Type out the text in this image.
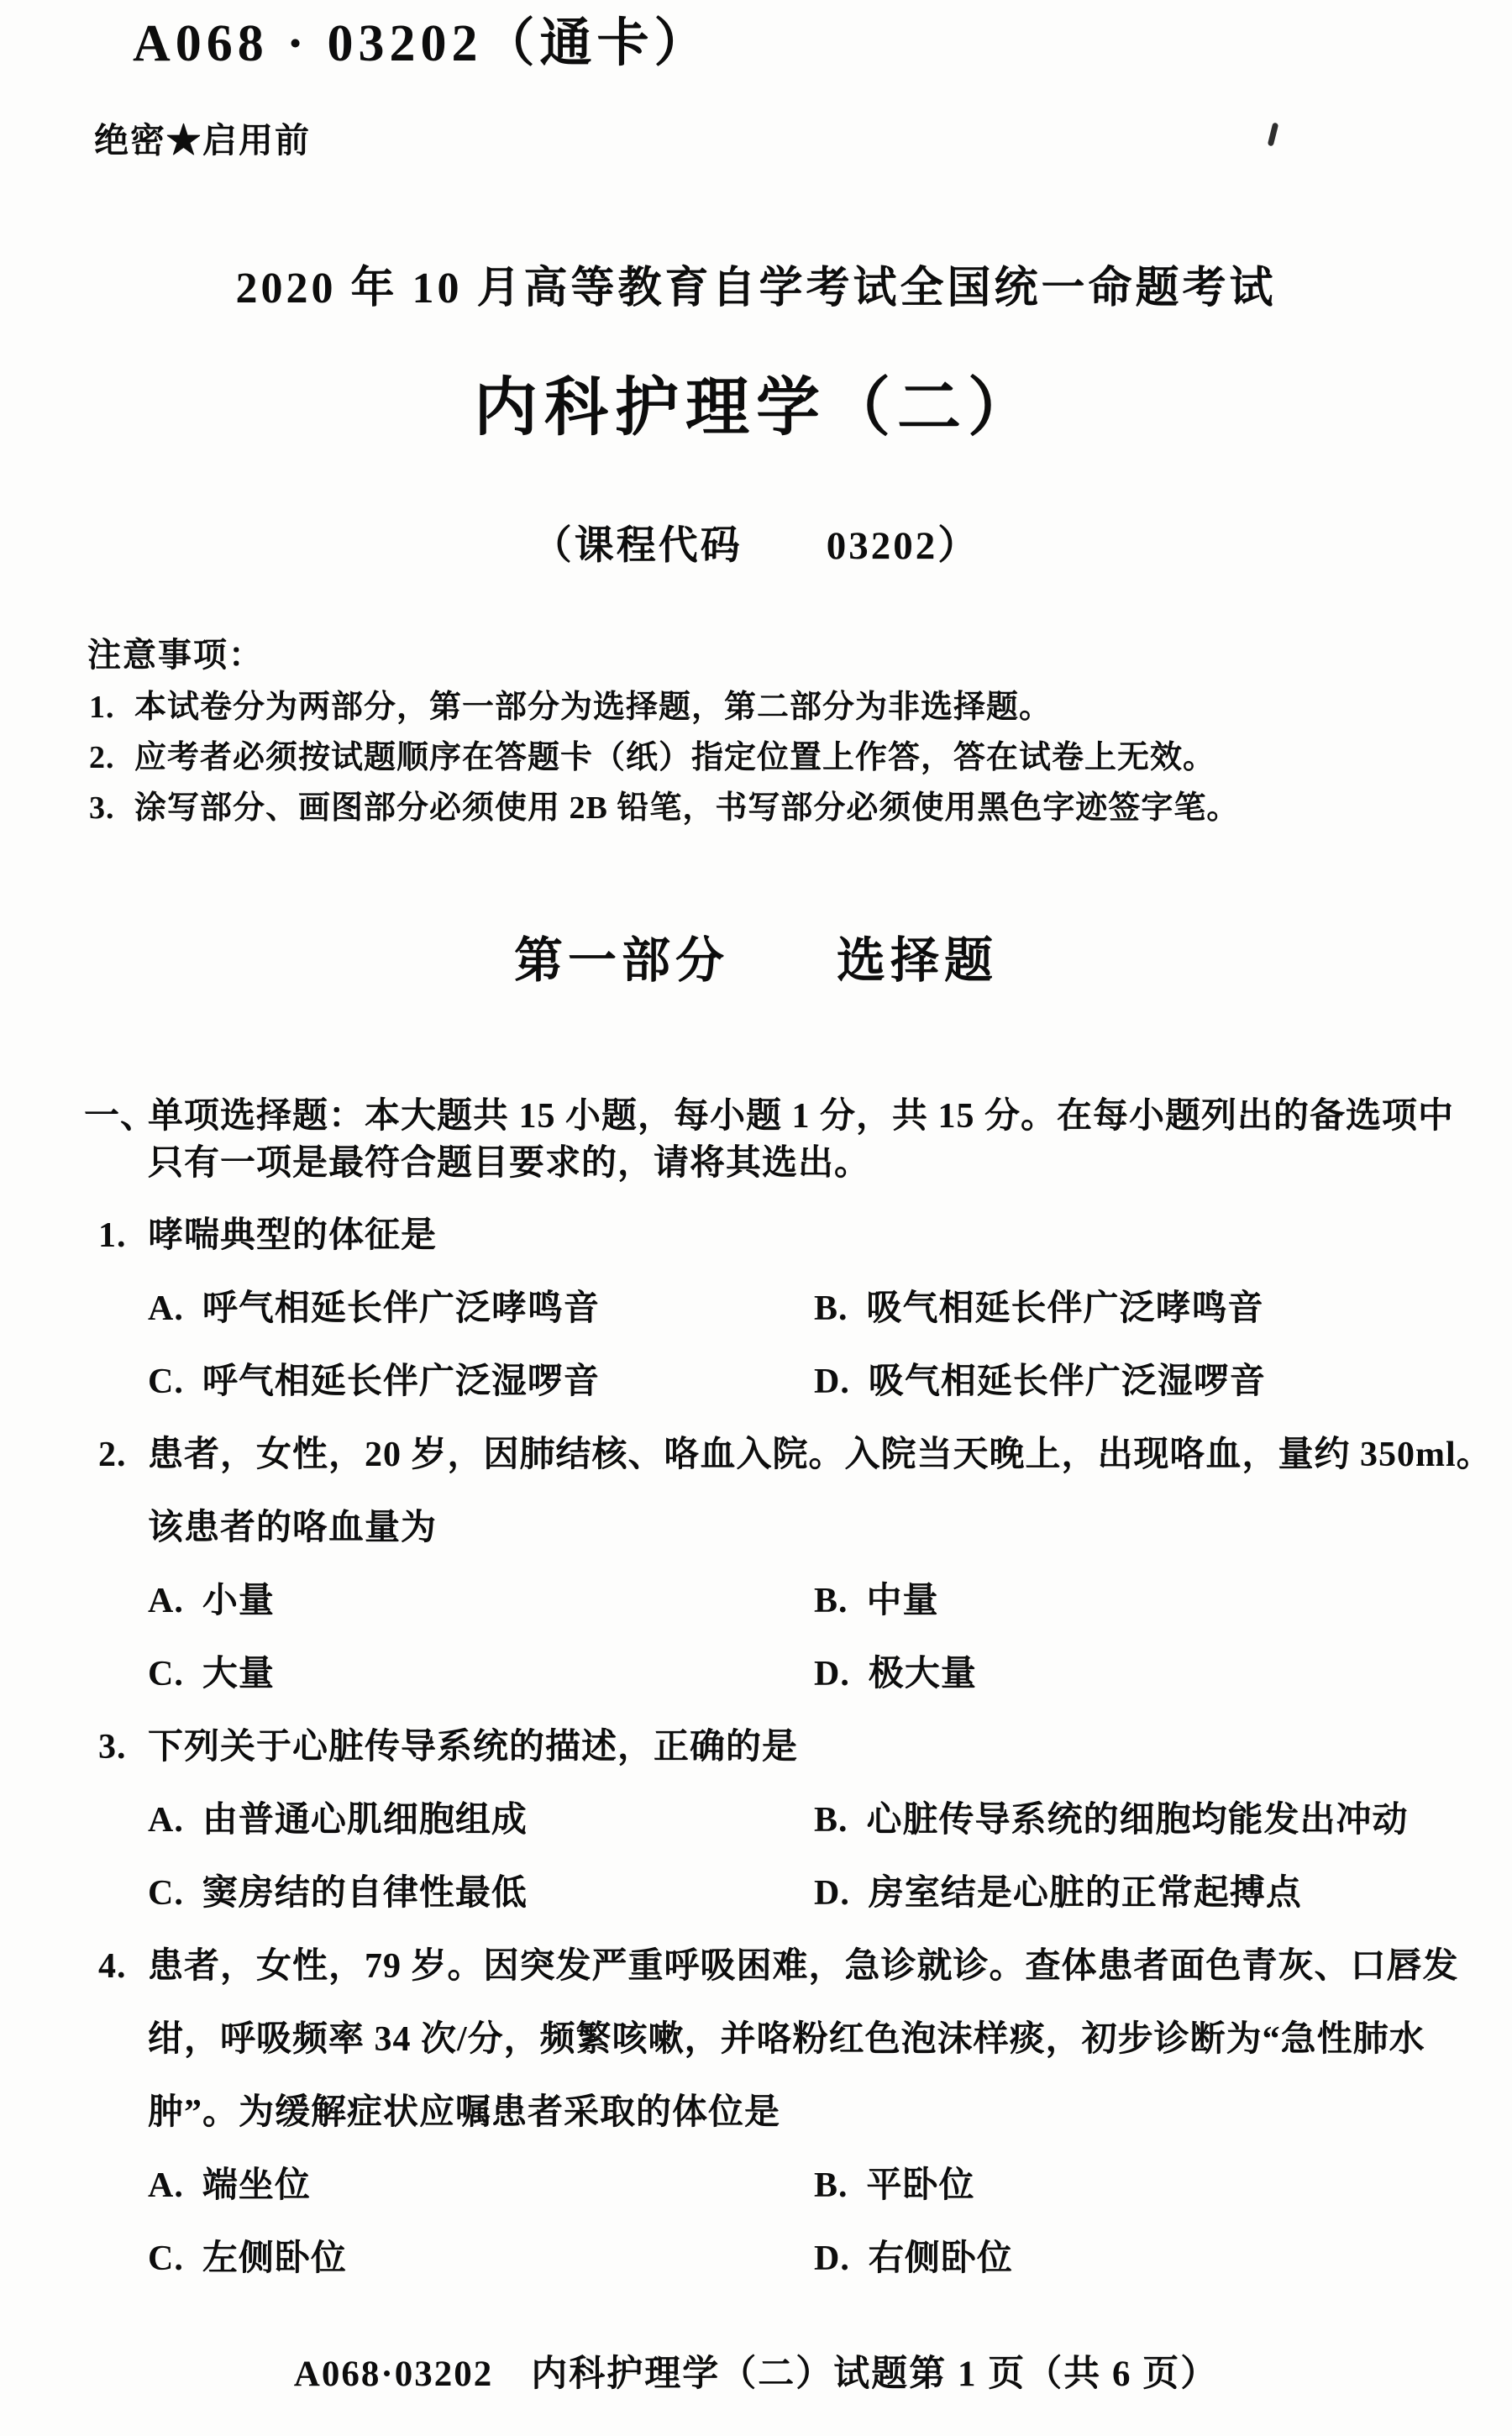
A068 · 03202（通卡）
绝密★启用前
2020 年 10 月高等教育自学考试全国统一命题考试
内科护理学（二）
（课程代码　　03202）
注意事项：
1. 本试卷分为两部分，第一部分为选择题，第二部分为非选择题。
2. 应考者必须按试题顺序在答题卡（纸）指定位置上作答，答在试卷上无效。
3. 涂写部分、画图部分必须使用 2B 铅笔，书写部分必须使用黑色字迹签字笔。
第一部分　　选择题
一、
单项选择题：本大题共 15 小题，每小题 1 分，共 15 分。在每小题列出的备选项中
只有一项是最符合题目要求的，请将其选出。
1. 哮喘典型的体征是
A. 呼气相延长伴广泛哮鸣音	B. 吸气相延长伴广泛哮鸣音
C. 呼气相延长伴广泛湿啰音	D. 吸气相延长伴广泛湿啰音
2. 患者，女性，20 岁，因肺结核、咯血入院。入院当天晚上，出现咯血，量约 350ml。
该患者的咯血量为
A. 小量	B. 中量
C. 大量	D. 极大量
3. 下列关于心脏传导系统的描述，正确的是
A. 由普通心肌细胞组成	B. 心脏传导系统的细胞均能发出冲动
C. 窦房结的自律性最低	D. 房室结是心脏的正常起搏点
4. 患者，女性，79 岁。因突发严重呼吸困难，急诊就诊。查体患者面色青灰、口唇发
绀，呼吸频率 34 次/分，频繁咳嗽，并咯粉红色泡沫样痰，初步诊断为“急性肺水
肿”。为缓解症状应嘱患者采取的体位是
A. 端坐位	B. 平卧位
C. 左侧卧位	D. 右侧卧位
A068·03202　内科护理学（二）试题第 1 页（共 6 页）
